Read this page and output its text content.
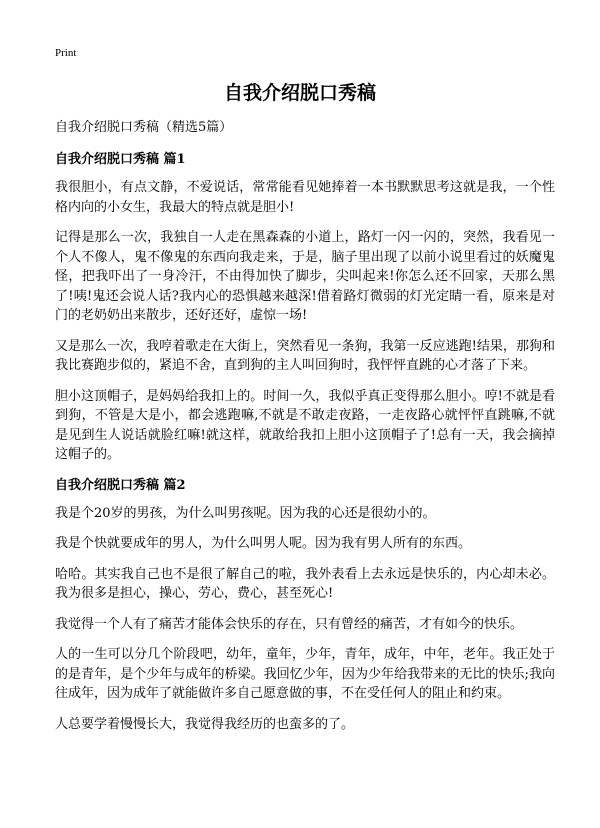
Print
自我介绍脱口秀稿

自我介绍脱口秀稿（精选5篇）

自我介绍脱口秀稿 篇1

我很胆小，有点文静，不爱说话，常常能看见她捧着一本书默默思考这就是我，一个性格内向的小女生，我最大的特点就是胆小!

记得是那么一次，我独自一人走在黑森森的小道上，路灯一闪一闪的，突然，我看见一个人不像人，鬼不像鬼的东西向我走来，于是，脑子里出现了以前小说里看过的妖魔鬼怪，把我吓出了一身冷汗，不由得加快了脚步，尖叫起来!你怎么还不回家，天那么黑了!咦!鬼还会说人话?我内心的恐惧越来越深!借着路灯微弱的灯光定睛一看，原来是对门的老奶奶出来散步，还好还好，虚惊一场!

又是那么一次，我哼着歌走在大街上，突然看见一条狗，我第一反应逃跑!结果，那狗和我比赛跑步似的，紧追不舍，直到狗的主人叫回狗时，我怦怦直跳的心才落了下来。

胆小这顶帽子，是妈妈给我扣上的。时间一久，我似乎真正变得那么胆小。哼!不就是看到狗，不管是大是小，都会逃跑嘛,不就是不敢走夜路，一走夜路心就怦怦直跳嘛,不就是见到生人说话就脸红嘛!就这样，就敢给我扣上胆小这顶帽子了!总有一天，我会摘掉这帽子的。

自我介绍脱口秀稿 篇2

我是个20岁的男孩，为什么叫男孩呢。因为我的心还是很幼小的。

我是个快就要成年的男人，为什么叫男人呢。因为我有男人所有的东西。

哈哈。其实我自己也不是很了解自己的啦，我外表看上去永远是快乐的，内心却未必。我为很多是担心，操心，劳心，费心，甚至死心!

我觉得一个人有了痛苦才能体会快乐的存在，只有曾经的痛苦，才有如今的快乐。

人的一生可以分几个阶段吧，幼年，童年，少年，青年，成年，中年，老年。我正处于的是青年，是个少年与成年的桥梁。我回忆少年，因为少年给我带来的无比的快乐;我向往成年，因为成年了就能做许多自己愿意做的事，不在受任何人的阻止和约束。

人总要学着慢慢长大，我觉得我经历的也蛮多的了。
